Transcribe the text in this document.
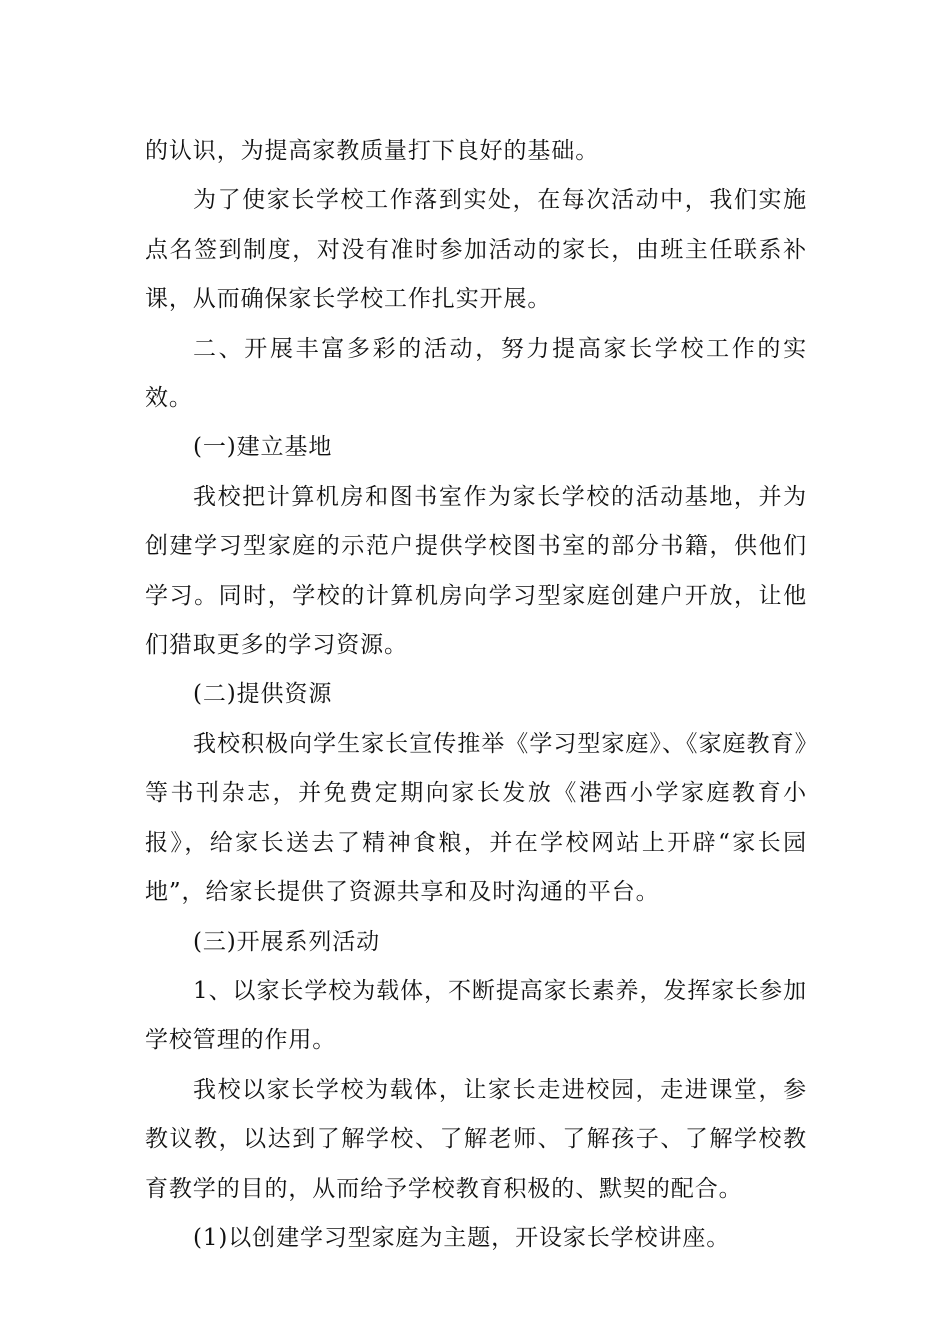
的认识，为提高家教质量打下良好的基础。

为了使家长学校工作落到实处，在每次活动中，我们实施点名签到制度，对没有准时参加活动的家长，由班主任联系补课，从而确保家长学校工作扎实开展。

二、开展丰富多彩的活动，努力提高家长学校工作的实效。

(一)建立基地

我校把计算机房和图书室作为家长学校的活动基地，并为创建学习型家庭的示范户提供学校图书室的部分书籍，供他们学习。同时，学校的计算机房向学习型家庭创建户开放，让他们猎取更多的学习资源。

(二)提供资源

我校积极向学生家长宣传推举《学习型家庭》、《家庭教育》等书刊杂志，并免费定期向家长发放《港西小学家庭教育小报》，给家长送去了精神食粮，并在学校网站上开辟“家长园地”，给家长提供了资源共享和及时沟通的平台。

(三)开展系列活动

1、以家长学校为载体，不断提高家长素养，发挥家长参加学校管理的作用。

我校以家长学校为载体，让家长走进校园，走进课堂，参教议教，以达到了解学校、了解老师、了解孩子、了解学校教育教学的目的，从而给予学校教育积极的、默契的配合。

(1)以创建学习型家庭为主题，开设家长学校讲座。
